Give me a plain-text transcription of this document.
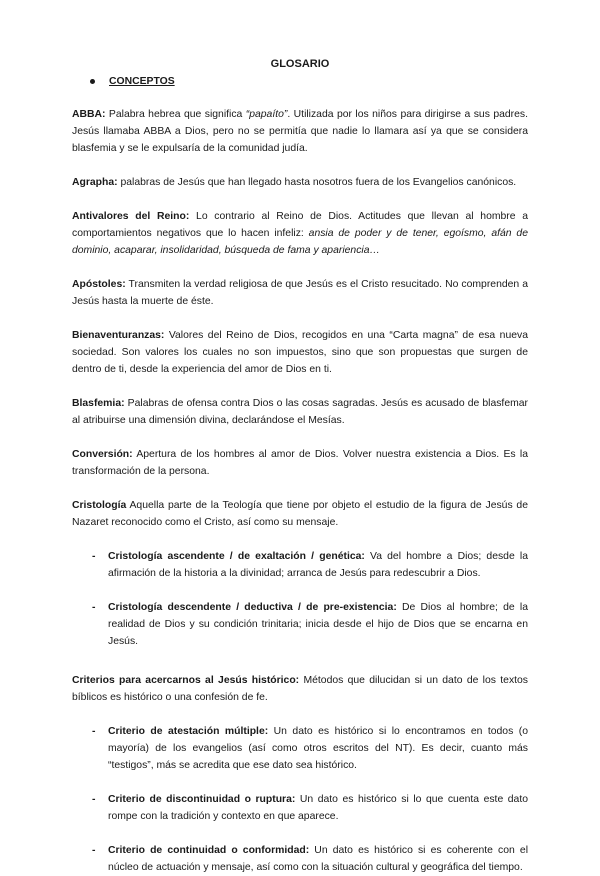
GLOSARIO
CONCEPTOS

ABBA: Palabra hebrea que significa “papaíto”. Utilizada por los niños para dirigirse a sus padres. Jesús llamaba ABBA a Dios, pero no se permitía que nadie lo llamara así ya que se considera blasfemia y se le expulsaría de la comunidad judía.

Agrapha: palabras de Jesús que han llegado hasta nosotros fuera de los Evangelios canónicos.

Antivalores del Reino: Lo contrario al Reino de Dios. Actitudes que llevan al hombre a comportamientos negativos que lo hacen infeliz: ansia de poder y de tener, egoísmo, afán de dominio, acaparar, insolidaridad, búsqueda de fama y apariencia…

Apóstoles: Transmiten la verdad religiosa de que Jesús es el Cristo resucitado. No comprenden a Jesús hasta la muerte de éste.

Bienaventuranzas: Valores del Reino de Dios, recogidos en una “Carta magna” de esa nueva sociedad. Son valores los cuales no son impuestos, sino que son propuestas que surgen de dentro de ti, desde la experiencia del amor de Dios en ti.

Blasfemia: Palabras de ofensa contra Dios o las cosas sagradas. Jesús es acusado de blasfemar al atribuirse una dimensión divina, declarándose el Mesías.

Conversión: Apertura de los hombres al amor de Dios. Volver nuestra existencia a Dios. Es la transformación de la persona.

Cristología Aquella parte de la Teología que tiene por objeto el estudio de la figura de Jesús de Nazaret reconocido como el Cristo, así como su mensaje.

-	Cristología ascendente / de exaltación / genética: Va del hombre a Dios; desde la afirmación de la historia a la divinidad; arranca de Jesús para redescubrir a Dios.
-	Cristología descendente / deductiva / de pre-existencia: De Dios al hombre; de la realidad de Dios y su condición trinitaria; inicia desde el hijo de Dios que se encarna en Jesús.

Criterios para acercarnos al Jesús histórico: Métodos que dilucidan si un dato de los textos bíblicos es histórico o una confesión de fe.

-	Criterio de atestación múltiple: Un dato es histórico si lo encontramos en todos (o mayoría) de los evangelios (así como otros escritos del NT). Es decir, cuanto más “testigos”, más se acredita que ese dato sea histórico.
-	Criterio de discontinuidad o ruptura: Un dato es histórico si lo que cuenta este dato rompe con la tradición y contexto en que aparece.
-	Criterio de continuidad o conformidad: Un dato es histórico si es coherente con el núcleo de actuación y mensaje, así como con la situación cultural y geográfica del tiempo.
